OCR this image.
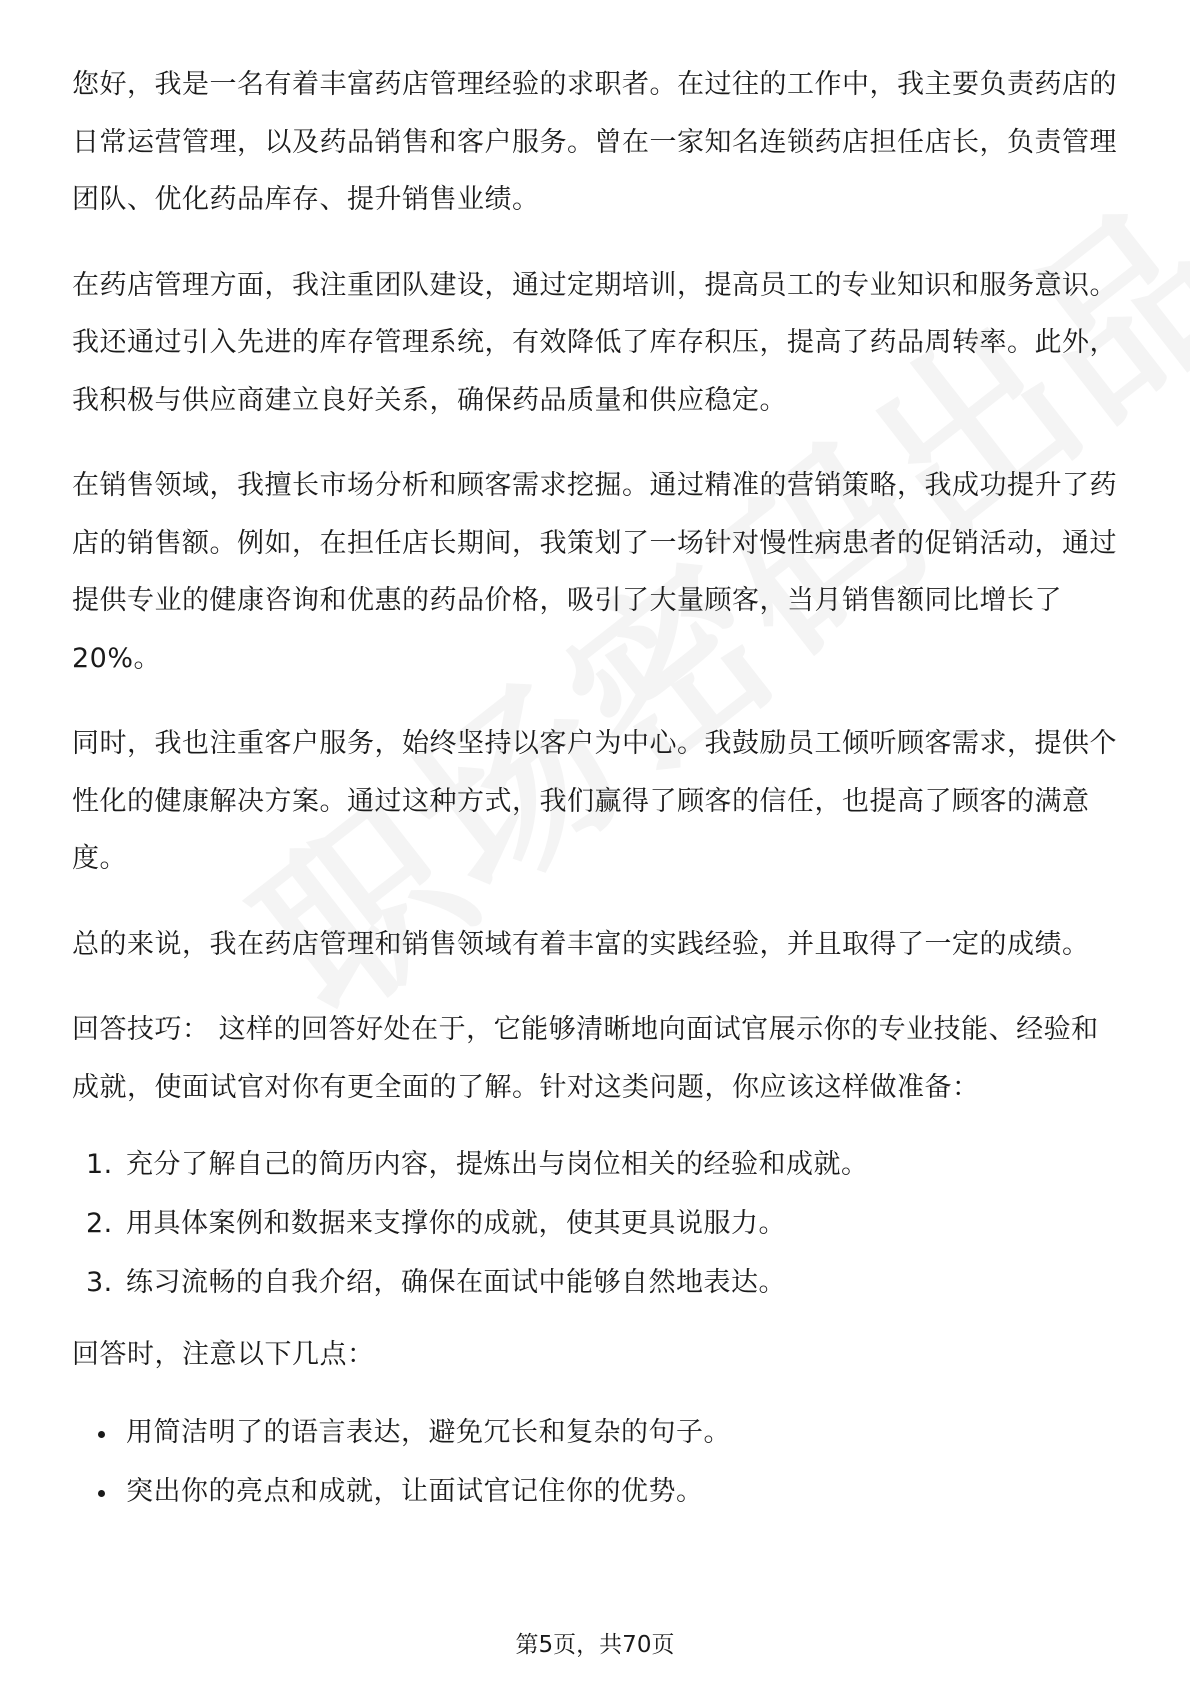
您好，我是一名有着丰富药店管理经验的求职者。在过往的工作中，我主要负责药店的日常运营管理，以及药品销售和客户服务。曾在一家知名连锁药店担任店长，负责管理团队、优化药品库存、提升销售业绩。

在药店管理方面，我注重团队建设，通过定期培训，提高员工的专业知识和服务意识。我还通过引入先进的库存管理系统，有效降低了库存积压，提高了药品周转率。此外，我积极与供应商建立良好关系，确保药品质量和供应稳定。

在销售领域，我擅长市场分析和顾客需求挖掘。通过精准的营销策略，我成功提升了药店的销售额。例如，在担任店长期间，我策划了一场针对慢性病患者的促销活动，通过提供专业的健康咨询和优惠的药品价格，吸引了大量顾客，当月销售额同比增长了20%。

同时，我也注重客户服务，始终坚持以客户为中心。我鼓励员工倾听顾客需求，提供个性化的健康解决方案。通过这种方式，我们赢得了顾客的信任，也提高了顾客的满意度。

总的来说，我在药店管理和销售领域有着丰富的实践经验，并且取得了一定的成绩。

回答技巧： 这样的回答好处在于，它能够清晰地向面试官展示你的专业技能、经验和成就，使面试官对你有更全面的了解。针对这类问题，你应该这样做准备：

1. 充分了解自己的简历内容，提炼出与岗位相关的经验和成就。
2. 用具体案例和数据来支撑你的成就，使其更具说服力。
3. 练习流畅的自我介绍，确保在面试中能够自然地表达。

回答时，注意以下几点：

用简洁明了的语言表达，避免冗长和复杂的句子。
突出你的亮点和成就，让面试官记住你的优势。
第5页，共70页
